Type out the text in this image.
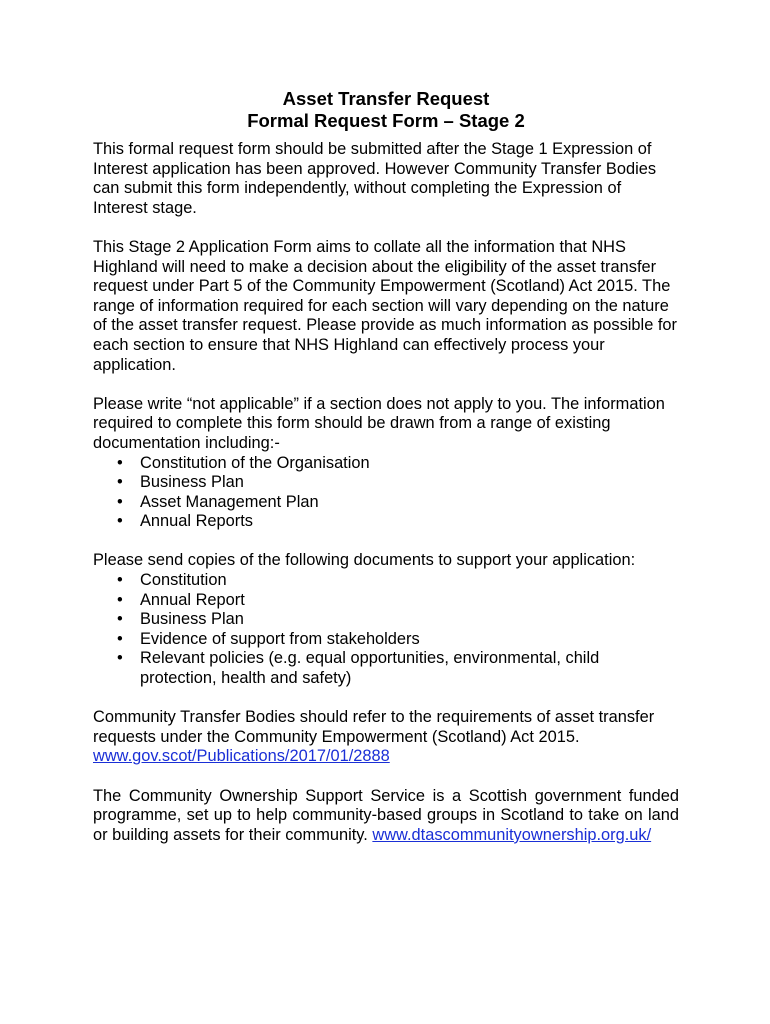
Asset Transfer Request
Formal Request Form – Stage 2

This formal request form should be submitted after the Stage 1 Expression of Interest application has been approved. However Community Transfer Bodies can submit this form independently, without completing the Expression of Interest stage.

This Stage 2 Application Form aims to collate all the information that NHS Highland will need to make a decision about the eligibility of the asset transfer request under Part 5 of the Community Empowerment (Scotland) Act 2015. The range of information required for each section will vary depending on the nature of the asset transfer request. Please provide as much information as possible for each section to ensure that NHS Highland can effectively process your application.

Please write “not applicable” if a section does not apply to you. The information required to complete this form should be drawn from a range of existing documentation including:-

• Constitution of the Organisation
• Business Plan
• Asset Management Plan
• Annual Reports

Please send copies of the following documents to support your application:

• Constitution
• Annual Report
• Business Plan
• Evidence of support from stakeholders
• Relevant policies (e.g. equal opportunities, environmental, child protection, health and safety)

Community Transfer Bodies should refer to the requirements of asset transfer requests under the Community Empowerment (Scotland) Act 2015. www.gov.scot/Publications/2017/01/2888

The Community Ownership Support Service is a Scottish government funded programme, set up to help community-based groups in Scotland to take on land or building assets for their community. www.dtascommunityownership.org.uk/
